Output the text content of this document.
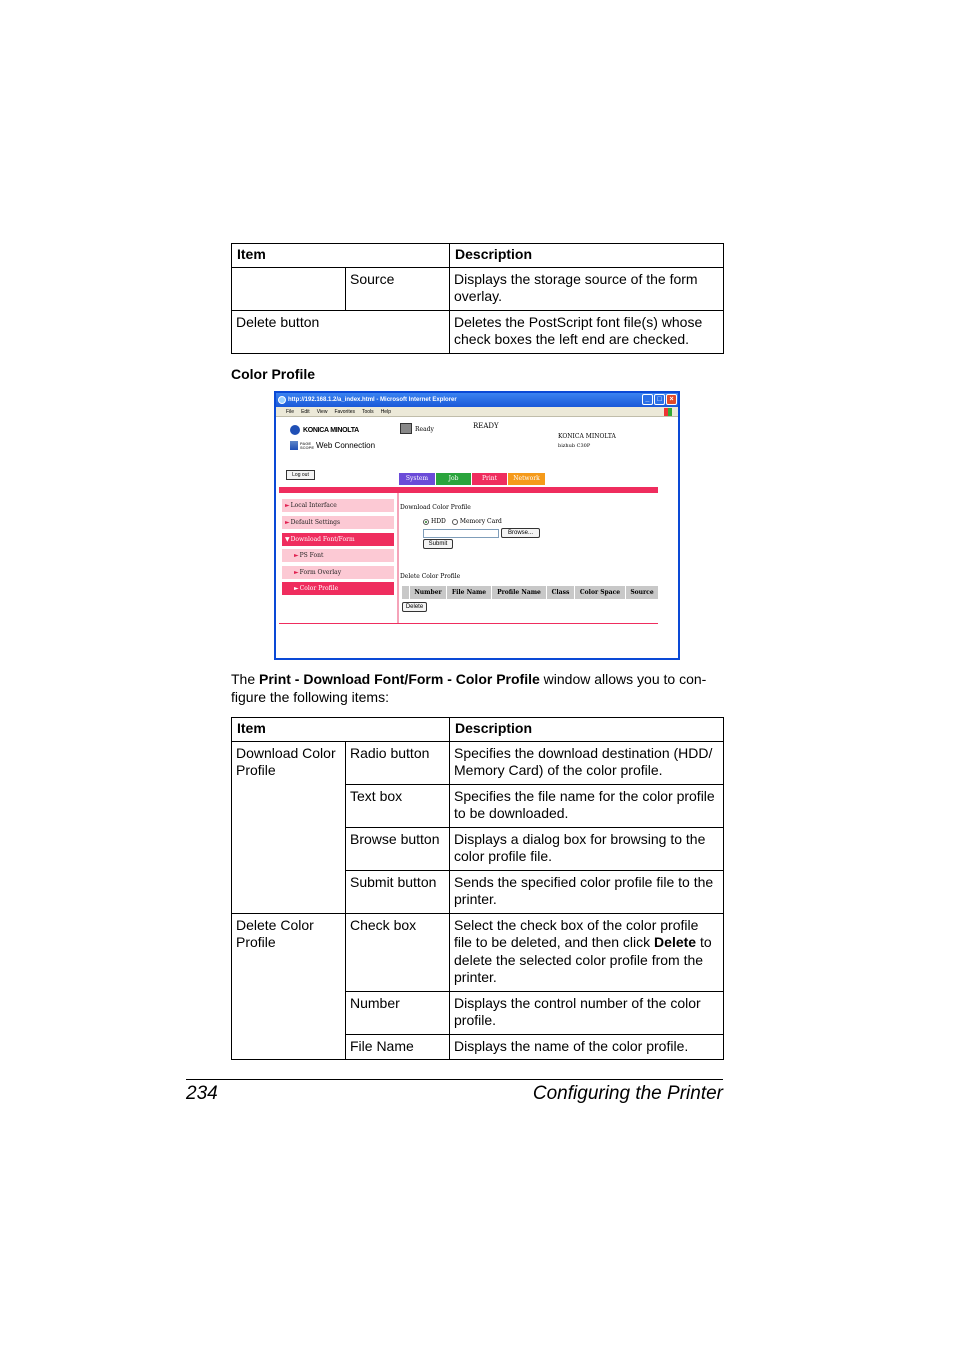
Item		Description
	Source	Displays the storage source of the form overlay.
Delete button		Deletes the PostScript font file(s) whose check boxes the left end are checked.
Color Profile
http://192.168.1.2/a_index.html - Microsoft Internet Explorer	_	□	×
File Edit View Favorites Tools Help
KONICA MINOLTA
PAGE
SCOPE Web Connection
Ready	READY
KONICA MINOLTA
bizhub C30P
Log out	System	Job	Print	Network
►Local Interface
►Default Settings
▼Download Font/Form
►PS Font
►Form Overlay
►Color Profile
Download Color Profile
HDD Memory Card
Browse...
Submit
Delete Color Profile
Number	File Name	Profile Name	Class	Color Space	Source
Delete

The Print - Download Font/Form - Color Profile window allows you to con-figure the following items:

Item		Description
Download Color Profile	Radio button	Specifies the download destination (HDD/ Memory Card) of the color profile.
	Text box	Specifies the file name for the color profile to be downloaded.
	Browse button	Displays a dialog box for browsing to the color profile file.
	Submit button	Sends the specified color profile file to the printer.
Delete Color Profile	Check box	Select the check box of the color profile file to be deleted, and then click Delete to delete the selected color profile from the printer.
	Number	Displays the control number of the color profile.
	File Name	Displays the name of the color profile.
234	Configuring the Printer
